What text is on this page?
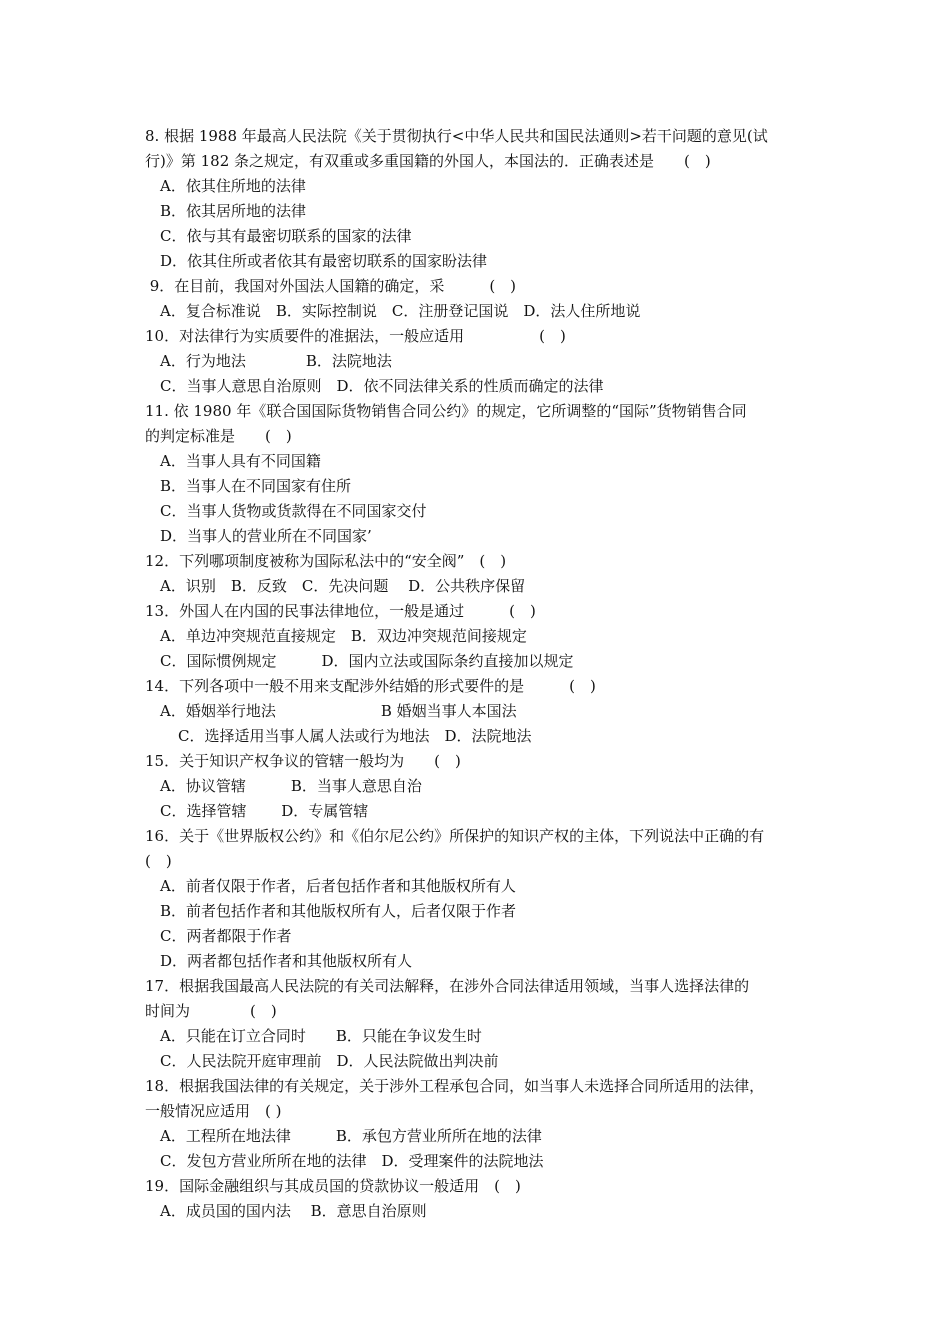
8. 根据 1988 年最高人民法院《关于贯彻执行<中华人民共和国民法通则>若干问题的意见(试
行)》第 182 条之规定，有双重或多重国籍的外国人，本国法的．正确表述是　　(　)
A．依其住所地的法律
B．依其居所地的法律
C．依与其有最密切联系的国家的法律
D．依其住所或者依其有最密切联系的国家盼法律
9．在目前，我国对外国法人国籍的确定，采　　　(　)
A．复合标准说　B．实际控制说　C．注册登记国说　D．法人住所地说
10．对法律行为实质要件的准据法，一般应适用　　　　　(　)
A．行为地法　　　　B．法院地法
C．当事人意思自治原则　D．依不同法律关系的性质而确定的法律
11. 依 1980 年《联合国国际货物销售合同公约》的规定，它所调整的“国际”货物销售合同
的判定标准是　　(　)
A．当事人具有不同国籍
B．当事人在不同国家有住所
C．当事人货物或货款得在不同国家交付
D．当事人的营业所在不同国家’
12．下列哪项制度被称为国际私法中的“安全阀”　(　)
A．识别　B．反致　C．先决问题　 D．公共秩序保留
13．外国人在内国的民事法律地位，一般是通过　　　(　)
A．单边冲突规范直接规定　B．双边冲突规范间接规定
C．国际惯例规定　　　D．国内立法或国际条约直接加以规定
14．下列各项中一般不用来支配涉外结婚的形式要件的是　　　(　)
A．婚姻举行地法　　　　　　　B 婚姻当事人本国法
C．选择适用当事人属人法或行为地法　D．法院地法
15．关于知识产权争议的管辖一般均为　　(　)
A．协议管辖　　　B．当事人意思自治
C．选择管辖　　 D．专属管辖
16．关于《世界版权公约》和《伯尔尼公约》所保护的知识产权的主体，下列说法中正确的有
(　)
A．前者仅限于作者，后者包括作者和其他版权所有人
B．前者包括作者和其他版权所有人，后者仅限于作者
C．两者都限于作者
D．两者都包括作者和其他版权所有人
17．根据我国最高人民法院的有关司法解释，在涉外合同法律适用领域，当事人选择法律的
时间为　　　　(　)
A．只能在订立合同时　　B．只能在争议发生时
C．人民法院开庭审理前　D．人民法院做出判决前
18．根据我国法律的有关规定，关于涉外工程承包合同，如当事人未选择合同所适用的法律，
一般情况应适用　( )
A．工程所在地法律　　　B．承包方营业所所在地的法律
C．发包方营业所所在地的法律　D．受理案件的法院地法
19．国际金融组织与其成员国的贷款协议一般适用　(　)
A．成员国的国内法　 B．意思自治原则
